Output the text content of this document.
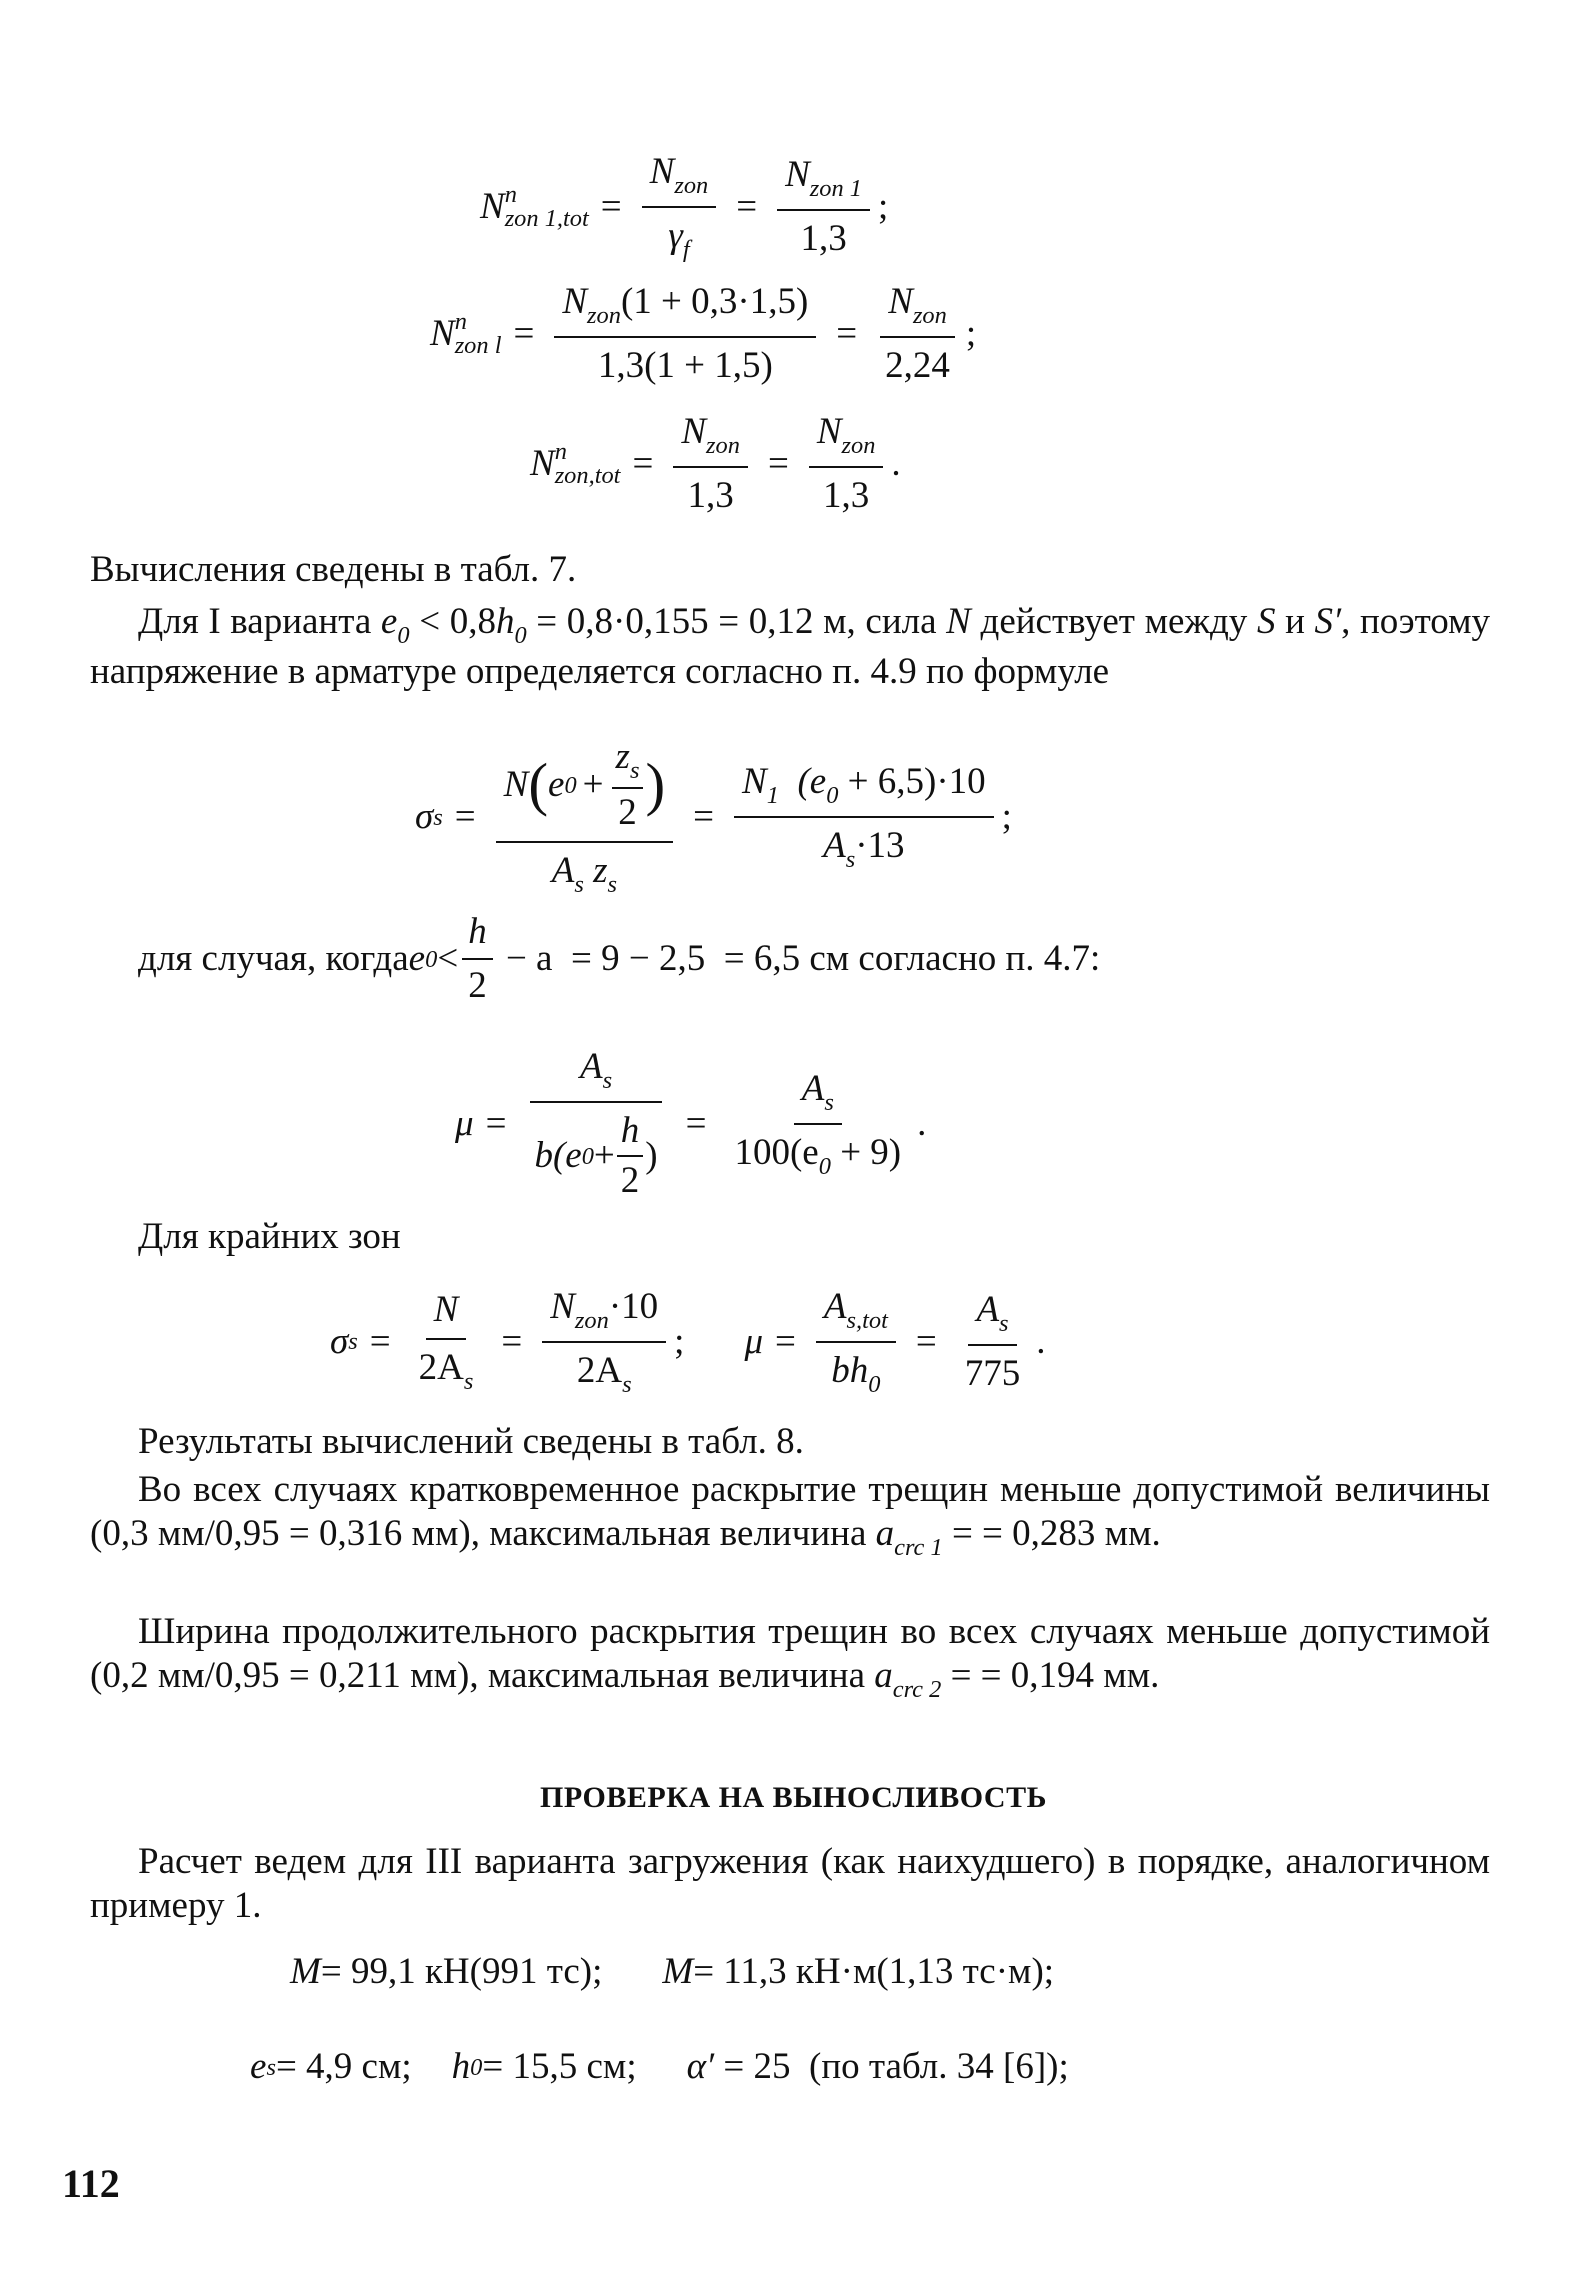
N n
zon $1,tot = \frac{N_{zon}}{\gamma_f} = \frac{N_{zon 1}}{1,3}$ ;
N n
zon $l = \frac{N_{zon}(1 + 0,3\cdot 1,5)}{1,3(1 + 1,5)} = \frac{N_{zon}}{2,24}$ ;
N n
$zon,tot = \frac{N_{zon}}{1,3} = \frac{N_{zon}}{1,3}$ .
Вычисления сведены в табл. 7.
Для I варианта $e_0 < 0,8h_0 = 0,8\cdot 0,155 = 0,12$ м, сила N действует между S и S′, поэтому напряжение в арматуре определяется согласно п. 4.9 по формуле
σ s =
N ( e $0 + \frac{z_s}{2}$ )
$A_s$ $z_s$
= $\frac{N_1 (e_0 + 6,5)\cdot 10}{A_s\cdot 13}$ ;
для случая, когда e $0 < \frac{h}{2} - a = 9 - 2,5 = 6,5$ см согласно п. 4.7:
$\mu = \frac{A_s}{b(e 0 + \frac{h}{2} )} = \frac{A_s}{100(e_0 + 9)}$ .
Для крайних зон
σ $s = \frac{N}{2A_s} = \frac{N_{zon}\cdot 10}{2A_s}$ ; $\mu = \frac{A_{s,tot}}{bh_0} = \frac{A_s}{775}$ .
Результаты вычислений сведены в табл. 8.
Во всех случаях кратковременное раскрытие трещин меньше допустимой величины (0,3 мм/0,95 = 0,316 мм), максимальная величина $a_{crc 1}$ = = 0,283 мм.
Ширина продолжительного раскрытия трещин во всех случаях меньше допустимой (0,2 мм/0,95 = 0,211 мм), максимальная величина $a_{crc 2}$ = = 0,194 мм.
ПРОВЕРКА НА ВЫНОСЛИВОСТЬ
Расчет ведем для III варианта загружения (как наихудшего) в порядке, аналогичном примеру 1.
M = 99,1 кН(991 тс); M = 11,3 кН·м(1,13 тс·м);
e s = 4,9 см; h 0 = 15,5 см; α′ = 25  (по табл. 34 [6]);
112
